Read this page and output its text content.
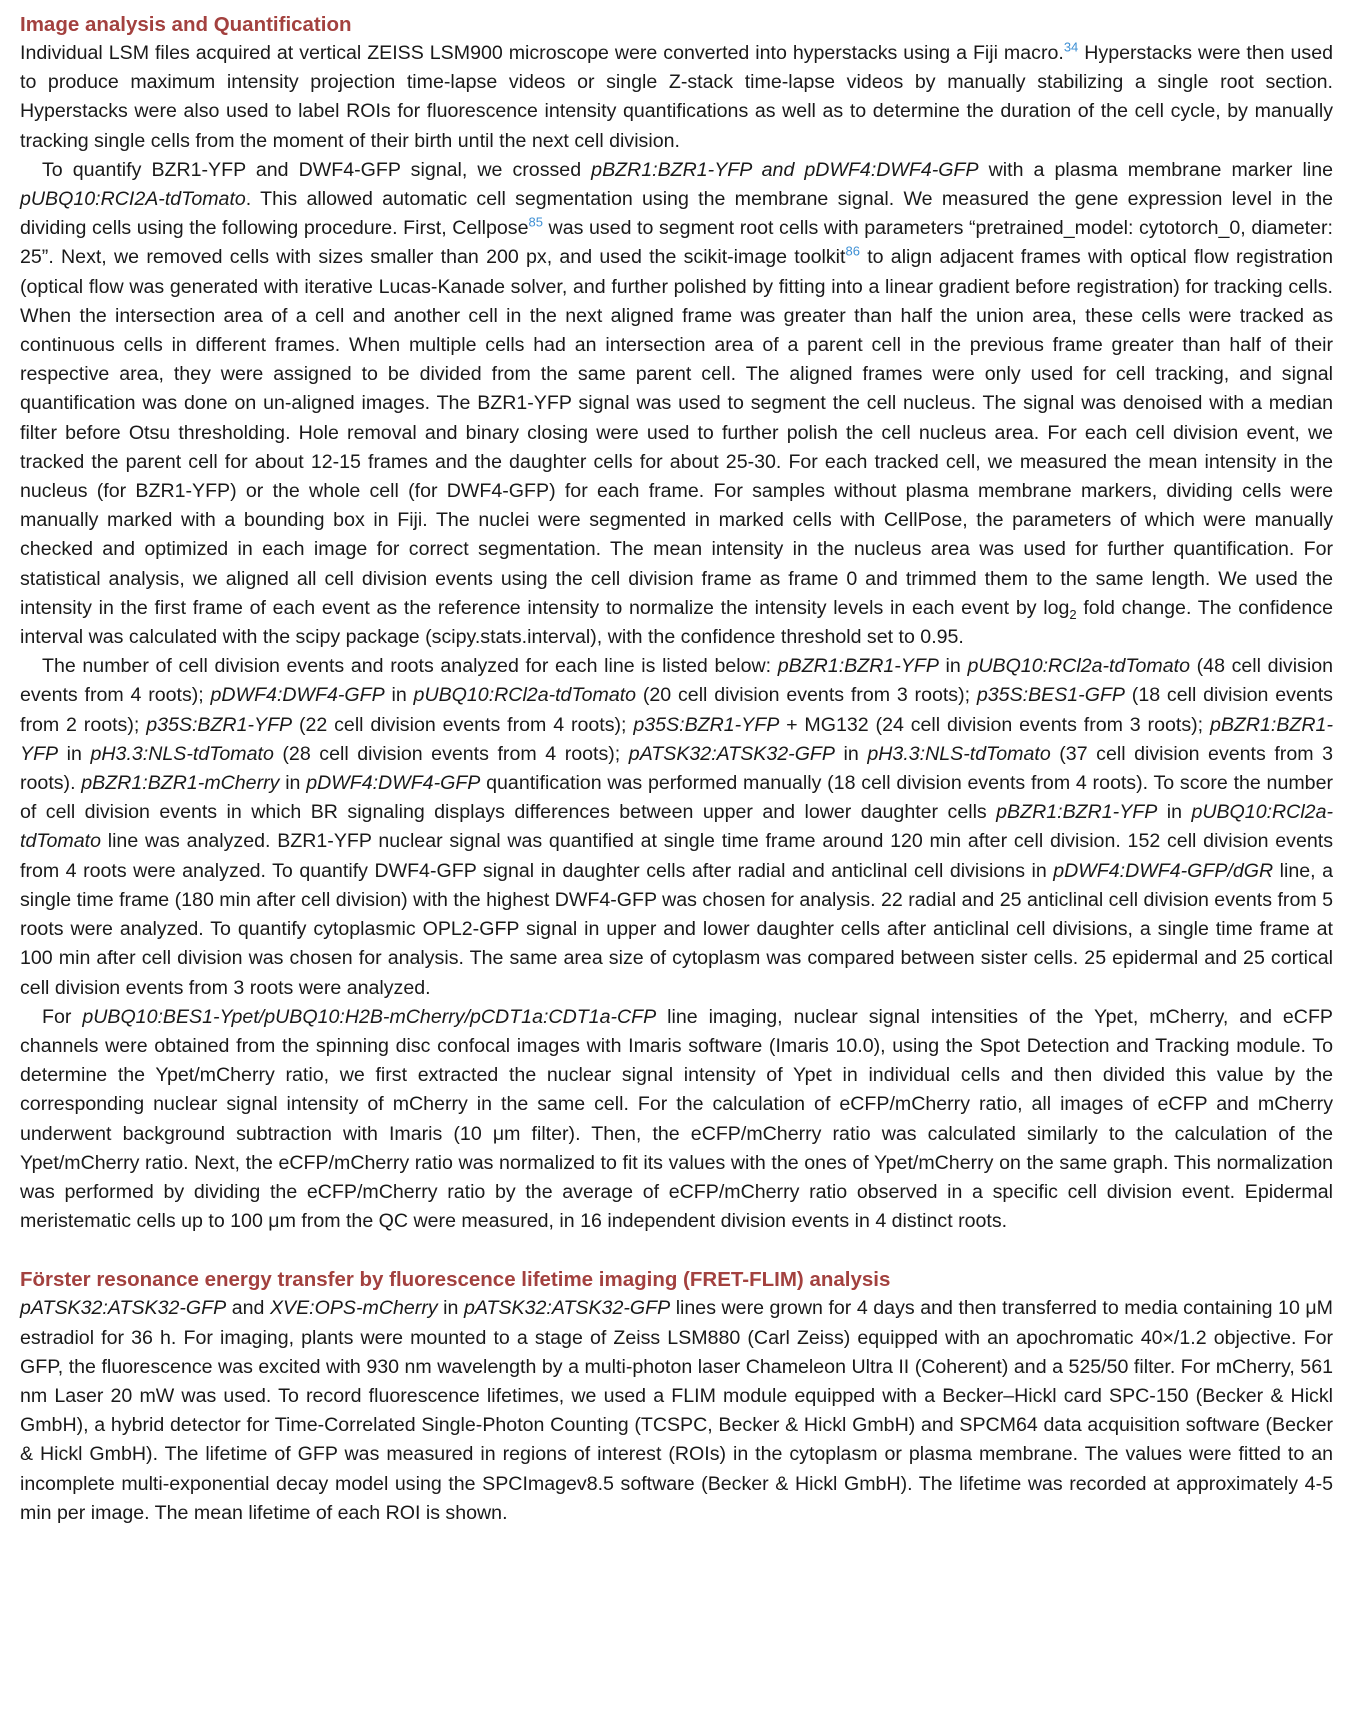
Image analysis and Quantification

Individual LSM files acquired at vertical ZEISS LSM900 microscope were converted into hyperstacks using a Fiji macro.$^{34}$ Hyperstacks were then used to produce maximum intensity projection time-lapse videos or single Z-stack time-lapse videos by manually stabilizing a single root section. Hyperstacks were also used to label ROIs for fluorescence intensity quantifications as well as to determine the duration of the cell cycle, by manually tracking single cells from the moment of their birth until the next cell division.

To quantify BZR1-YFP and DWF4-GFP signal, we crossed pBZR1:BZR1-YFP and pDWF4:DWF4-GFP with a plasma membrane marker line pUBQ10:RCI2A-tdTomato. This allowed automatic cell segmentation using the membrane signal. We measured the gene expression level in the dividing cells using the following procedure. First, Cellpose$^{85}$ was used to segment root cells with parameters “pretrained_model: cytotorch_0, diameter: 25”. Next, we removed cells with sizes smaller than 200 px, and used the scikit-image toolkit$^{86}$ to align adjacent frames with optical flow registration (optical flow was generated with iterative Lucas-Kanade solver, and further polished by fitting into a linear gradient before registration) for tracking cells. When the intersection area of a cell and another cell in the next aligned frame was greater than half the union area, these cells were tracked as continuous cells in different frames. When multiple cells had an intersection area of a parent cell in the previous frame greater than half of their respective area, they were assigned to be divided from the same parent cell. The aligned frames were only used for cell tracking, and signal quantification was done on un-aligned images. The BZR1-YFP signal was used to segment the cell nucleus. The signal was denoised with a median filter before Otsu thresholding. Hole removal and binary closing were used to further polish the cell nucleus area. For each cell division event, we tracked the parent cell for about 12-15 frames and the daughter cells for about 25-30. For each tracked cell, we measured the mean intensity in the nucleus (for BZR1-YFP) or the whole cell (for DWF4-GFP) for each frame. For samples without plasma membrane markers, dividing cells were manually marked with a bounding box in Fiji. The nuclei were segmented in marked cells with CellPose, the parameters of which were manually checked and optimized in each image for correct segmentation. The mean intensity in the nucleus area was used for further quantification. For statistical analysis, we aligned all cell division events using the cell division frame as frame 0 and trimmed them to the same length. We used the intensity in the first frame of each event as the reference intensity to normalize the intensity levels in each event by $\log_2$ fold change. The confidence interval was calculated with the scipy package (scipy.stats.interval), with the confidence threshold set to 0.95.

The number of cell division events and roots analyzed for each line is listed below: pBZR1:BZR1-YFP in pUBQ10:RCl2a-tdTomato (48 cell division events from 4 roots); pDWF4:DWF4-GFP in pUBQ10:RCl2a-tdTomato (20 cell division events from 3 roots); p35S:BES1-GFP (18 cell division events from 2 roots); p35S:BZR1-YFP (22 cell division events from 4 roots); p35S:BZR1-YFP + MG132 (24 cell division events from 3 roots); pBZR1:BZR1-YFP in pH3.3:NLS-tdTomato (28 cell division events from 4 roots); pATSK32:ATSK32-GFP in pH3.3:NLS-tdTomato (37 cell division events from 3 roots). pBZR1:BZR1-mCherry in pDWF4:DWF4-GFP quantification was performed manually (18 cell division events from 4 roots). To score the number of cell division events in which BR signaling displays differences between upper and lower daughter cells pBZR1:BZR1-YFP in pUBQ10:RCl2a-tdTomato line was analyzed. BZR1-YFP nuclear signal was quantified at single time frame around 120 min after cell division. 152 cell division events from 4 roots were analyzed. To quantify DWF4-GFP signal in daughter cells after radial and anticlinal cell divisions in pDWF4:DWF4-GFP/dGR line, a single time frame (180 min after cell division) with the highest DWF4-GFP was chosen for analysis. 22 radial and 25 anticlinal cell division events from 5 roots were analyzed. To quantify cytoplasmic OPL2-GFP signal in upper and lower daughter cells after anticlinal cell divisions, a single time frame at 100 min after cell division was chosen for analysis. The same area size of cytoplasm was compared between sister cells. 25 epidermal and 25 cortical cell division events from 3 roots were analyzed.

For pUBQ10:BES1-Ypet/pUBQ10:H2B-mCherry/pCDT1a:CDT1a-CFP line imaging, nuclear signal intensities of the Ypet, mCherry, and eCFP channels were obtained from the spinning disc confocal images with Imaris software (Imaris 10.0), using the Spot Detection and Tracking module. To determine the Ypet/mCherry ratio, we first extracted the nuclear signal intensity of Ypet in individual cells and then divided this value by the corresponding nuclear signal intensity of mCherry in the same cell. For the calculation of eCFP/mCherry ratio, all images of eCFP and mCherry underwent background subtraction with Imaris (10 μm filter). Then, the eCFP/mCherry ratio was calculated similarly to the calculation of the Ypet/mCherry ratio. Next, the eCFP/mCherry ratio was normalized to fit its values with the ones of Ypet/mCherry on the same graph. This normalization was performed by dividing the eCFP/mCherry ratio by the average of eCFP/mCherry ratio observed in a specific cell division event. Epidermal meristematic cells up to 100 μm from the QC were measured, in 16 independent division events in 4 distinct roots.

Förster resonance energy transfer by fluorescence lifetime imaging (FRET-FLIM) analysis

pATSK32:ATSK32-GFP and XVE:OPS-mCherry in pATSK32:ATSK32-GFP lines were grown for 4 days and then transferred to media containing 10 μM estradiol for 36 h. For imaging, plants were mounted to a stage of Zeiss LSM880 (Carl Zeiss) equipped with an apochromatic 40×/1.2 objective. For GFP, the fluorescence was excited with 930 nm wavelength by a multi-photon laser Chameleon Ultra II (Coherent) and a 525/50 filter. For mCherry, 561 nm Laser 20 mW was used. To record fluorescence lifetimes, we used a FLIM module equipped with a Becker–Hickl card SPC-150 (Becker & Hickl GmbH), a hybrid detector for Time-Correlated Single-Photon Counting (TCSPC, Becker & Hickl GmbH) and SPCM64 data acquisition software (Becker & Hickl GmbH). The lifetime of GFP was measured in regions of interest (ROIs) in the cytoplasm or plasma membrane. The values were fitted to an incomplete multi-exponential decay model using the SPCImagev8.5 software (Becker & Hickl GmbH). The lifetime was recorded at approximately 4-5 min per image. The mean lifetime of each ROI is shown.
